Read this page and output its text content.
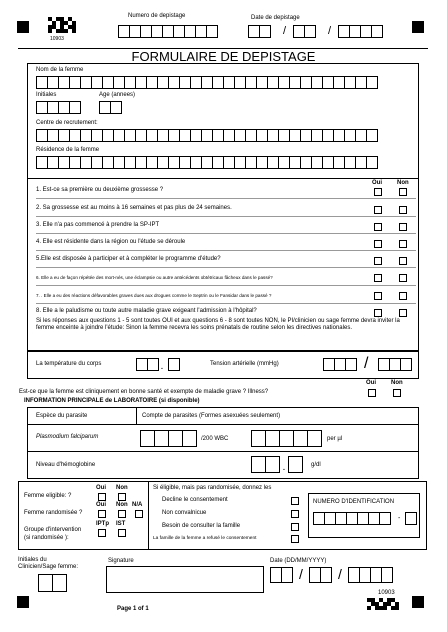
10903
Numero de depistage	Date de depistage
/	/
FORMULAIRE DE DEPISTAGE
Nom de la femme
Initiales	Age (annees)
Centre de recrutement:
Résidence de la femme
Oui	Non
1. Est-ce sa première ou deuxième grossesse ?
2. Sa grossesse est au moins à 16 semaines et pas plus de 24 semaines.
3. Elle n'a pas commencé à prendre la SP-IPT
4. Elle est résidente dans la région ou l'étude se déroule
5.Elle est disposée à participer et à compléter le programme d'étude?
6. Elle a eu de façon répétée des mort-nés, une éclampsie ou autre antécédents obtétricaux fâcheux dans le passé?
7. . Elle a eu des réactions défavorables graves dues aux drogues comme le Septrin ou le Fansidar dans le passé ?
8. Elle a le paludisme ou toute autre maladie grave exigeant l'admission à l'hôpital?
Si les réponses aux questions 1 - 5 sont toutes OUI et aux questions 6 - 8 sont toutes NON, le PI/clinicien ou sage femme devra inviter la femme enceinte à joindre l'étude: Sinon la femme recevra les soins prénatals de routine selon les directives nationales.
La température du corps	.	Tension artérielle (mmHg)	/
Oui	Non
Est-ce que la femme est cliniquement en bonne santé et exempte de maladie grave ? Illness?
INFORMATION PRINCIPALE de LABORATOIRE (si disponible)
Espèce du parasite	Compte de parasites (Formes asexuées seulement)
Plasmodium falciparum	/200 WBC	per µl
Niveau d'hémoglobine	.	g/dl
Oui Non
Femme eligible: ?
Oui Non N/A
Femme randomisée ?
IPTp IST
Groupe d'intervention
(si randomisée ):
Si éligible, mais pas randomisée, donnez les
Decline le consentement
Non convalnicue
Besoin de consulter la famille
La famille de la femme a refusé le consentement
NUMERO D'IDENTIFICATION
-
Initiales du
Clinicien/Sage femme:
Signature	Date (DD/MM/YYYY)
/	/
10903
Page 1 of 1
